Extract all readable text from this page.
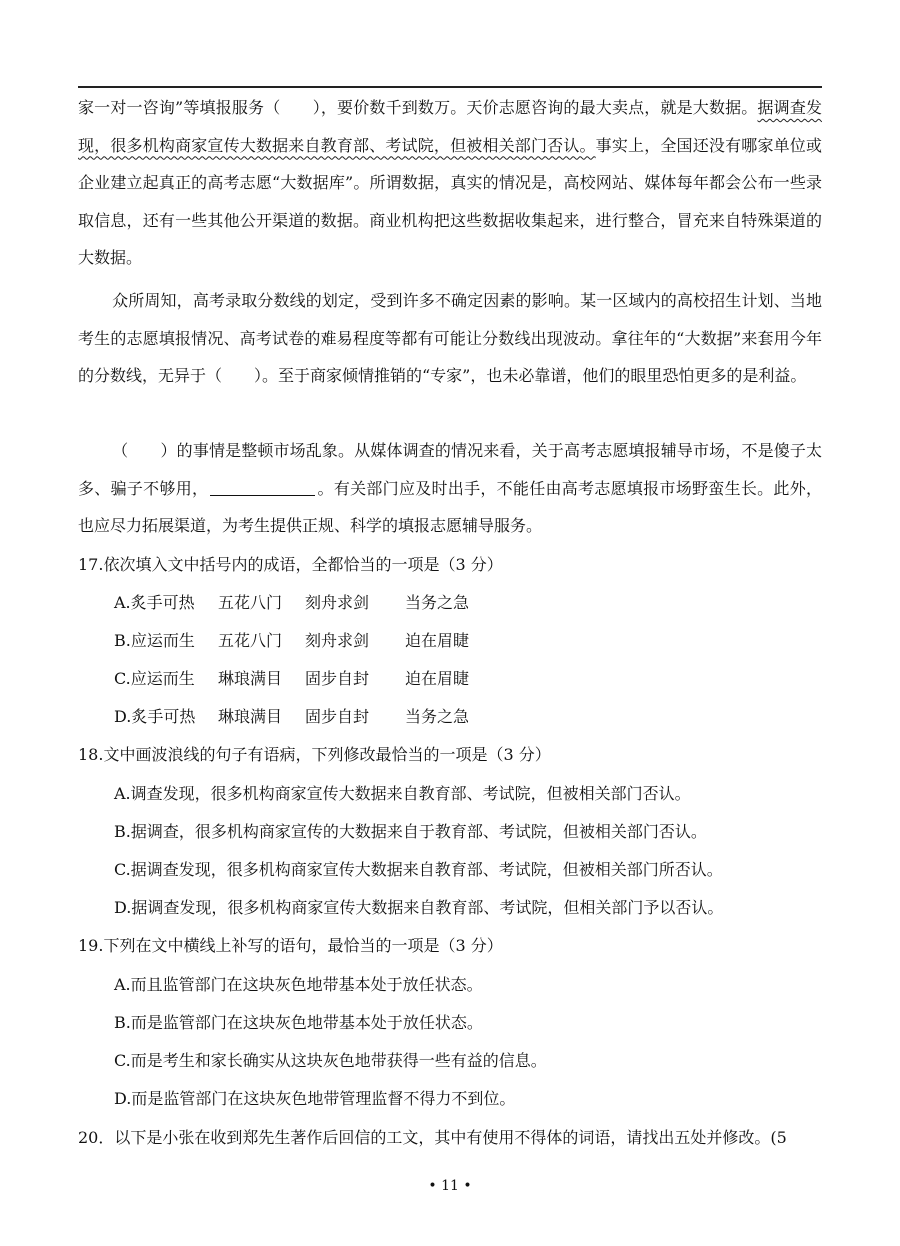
家一对一咨询”等填报服务（　　），要价数千到数万。天价志愿咨询的最大卖点，就是大数据。据调查发现，很多机构商家宣传大数据来自教育部、考试院，但被相关部门否认。事实上，全国还没有哪家单位或企业建立起真正的高考志愿“大数据库”。所谓数据，真实的情况是，高校网站、媒体每年都会公布一些录取信息，还有一些其他公开渠道的数据。商业机构把这些数据收集起来，进行整合，冒充来自特殊渠道的大数据。
众所周知，高考录取分数线的划定，受到许多不确定因素的影响。某一区域内的高校招生计划、当地考生的志愿填报情况、高考试卷的难易程度等都有可能让分数线出现波动。拿往年的“大数据”来套用今年的分数线，无异于（　　）。至于商家倾情推销的“专家”，也未必靠谱，他们的眼里恐怕更多的是利益。
（　　）的事情是整顿市场乱象。从媒体调查的情况来看，关于高考志愿填报辅导市场，不是傻子太多、骗子不够用，	。有关部门应及时出手，不能任由高考志愿填报市场野蛮生长。此外，也应尽力拓展渠道，为考生提供正规、科学的填报志愿辅导服务。
17.依次填入文中括号内的成语，全都恰当的一项是（3 分）
A.炙手可热 五花八门 刻舟求剑 当务之急
B.应运而生 五花八门 刻舟求剑 迫在眉睫
C.应运而生 琳琅满目 固步自封 迫在眉睫
D.炙手可热 琳琅满目 固步自封 当务之急
18.文中画波浪线的句子有语病，下列修改最恰当的一项是（3 分）
A.调查发现，很多机构商家宣传大数据来自教育部、考试院，但被相关部门否认。
B.据调查，很多机构商家宣传的大数据来自于教育部、考试院，但被相关部门否认。
C.据调查发现，很多机构商家宣传大数据来自教育部、考试院，但被相关部门所否认。
D.据调查发现，很多机构商家宣传大数据来自教育部、考试院，但相关部门予以否认。
19.下列在文中横线上补写的语句，最恰当的一项是（3 分）
A.而且监管部门在这块灰色地带基本处于放任状态。
B.而是监管部门在这块灰色地带基本处于放任状态。
C.而是考生和家长确实从这块灰色地带获得一些有益的信息。
D.而是监管部门在这块灰色地带管理监督不得力不到位。
20．以下是小张在收到郑先生著作后回信的工文，其中有使用不得体的词语，请找出五处并修改。(5
• 11 •
